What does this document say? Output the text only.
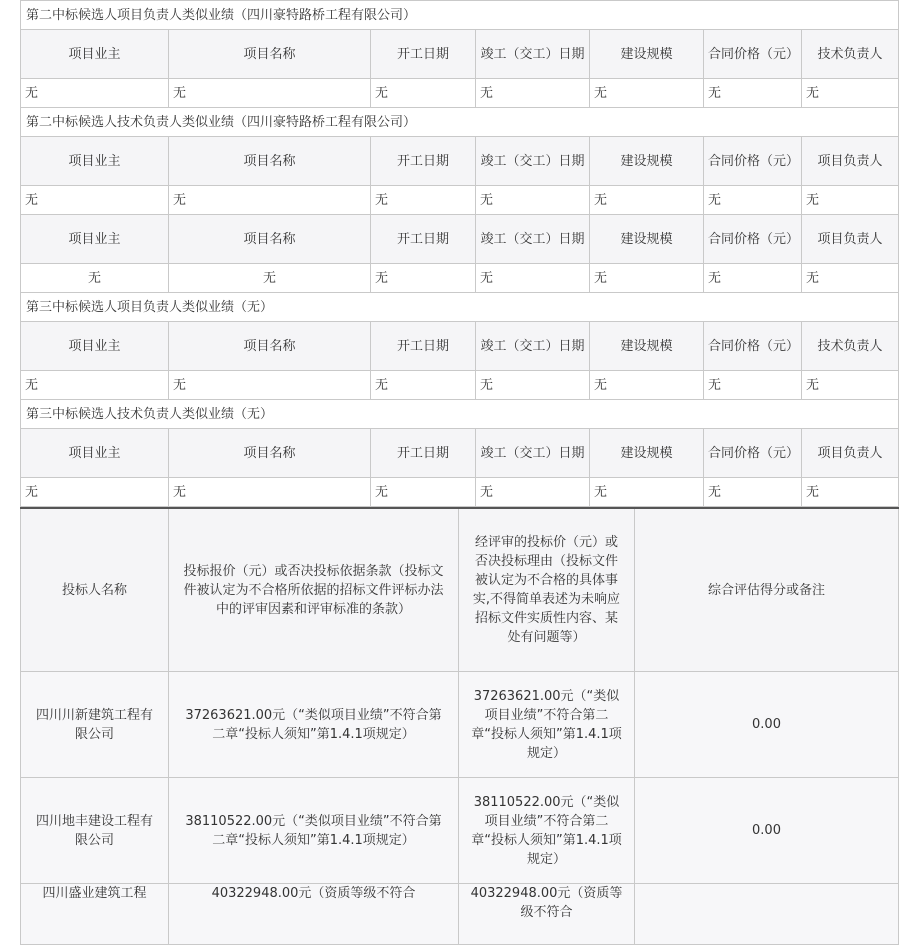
第二中标候选人项目负责人类似业绩（四川豪特路桥工程有限公司）						
项目业主	项目名称	开工日期	竣工（交工）日期	建设规模	合同价格（元）	技术负责人
无	无	无	无	无	无	无
第二中标候选人技术负责人类似业绩（四川豪特路桥工程有限公司）						
项目业主	项目名称	开工日期	竣工（交工）日期	建设规模	合同价格（元）	项目负责人
无	无	无	无	无	无	无
项目业主	项目名称	开工日期	竣工（交工）日期	建设规模	合同价格（元）	项目负责人
无	无	无	无	无	无	无
第三中标候选人项目负责人类似业绩（无）						
项目业主	项目名称	开工日期	竣工（交工）日期	建设规模	合同价格（元）	技术负责人
无	无	无	无	无	无	无
第三中标候选人技术负责人类似业绩（无）						
项目业主	项目名称	开工日期	竣工（交工）日期	建设规模	合同价格（元）	项目负责人
无	无	无	无	无	无	无
投标人名称	投标报价（元）或否决投标依据条款（投标文件被认定为不合格所依据的招标文件评标办法中的评审因素和评审标准的条款）	经评审的投标价（元）或否决投标理由（投标文件被认定为不合格的具体事实,不得简单表述为未响应招标文件实质性内容、某处有问题等）	综合评估得分或备注
四川川新建筑工程有限公司	37263621.00元（“类似项目业绩”不符合第二章“投标人须知”第1.4.1项规定）	37263621.00元（“类似项目业绩”不符合第二章“投标人须知”第1.4.1项规定）	0.00
四川地丰建设工程有限公司	38110522.00元（“类似项目业绩”不符合第二章“投标人须知”第1.4.1项规定）	38110522.00元（“类似项目业绩”不符合第二章“投标人须知”第1.4.1项规定）	0.00
四川盛业建筑工程	40322948.00元（资质等级不符合	40322948.00元（资质等级不符合	
